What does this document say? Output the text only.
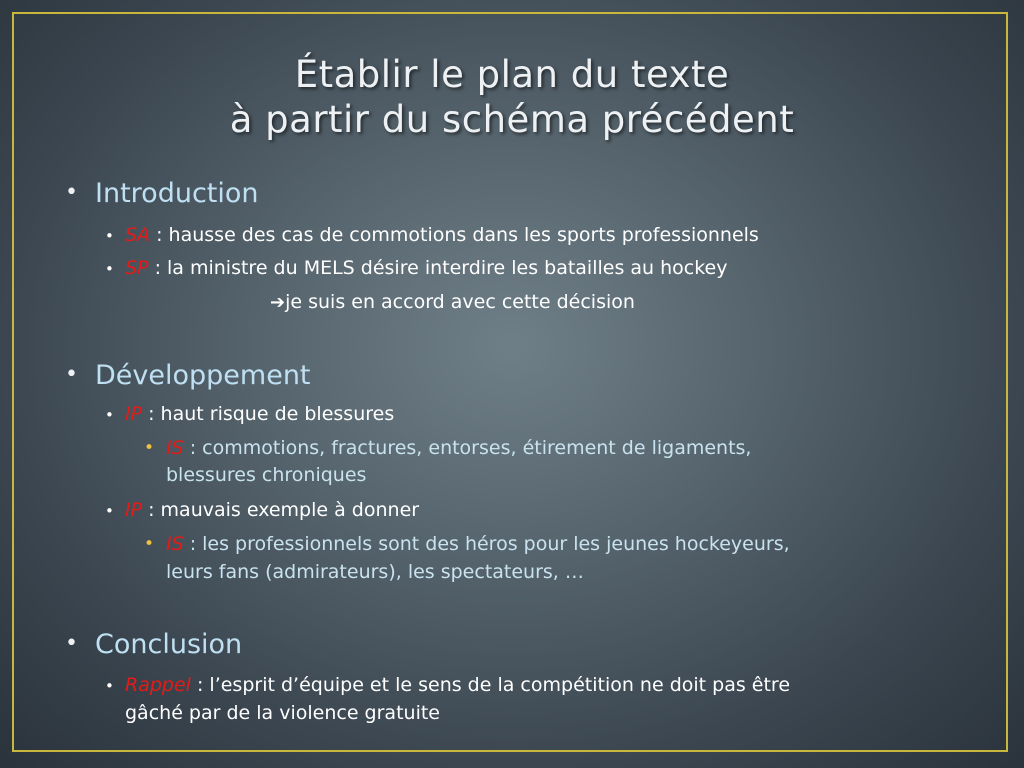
Établir le plan du texte
à partir du schéma précédent
• Introduction
• SA : hausse des cas de commotions dans les sports professionnels
• SP : la ministre du MELS désire interdire les batailles au hockey
➔je suis en accord avec cette décision
• Développement
• IP : haut risque de blessures
• IS : commotions, fractures, entorses, étirement de ligaments,
blessures chroniques
• IP : mauvais exemple à donner
• IS : les professionnels sont des héros pour les jeunes hockeyeurs,
leurs fans (admirateurs), les spectateurs, …
• Conclusion
• Rappel : l’esprit d’équipe et le sens de la compétition ne doit pas être
gâché par de la violence gratuite
